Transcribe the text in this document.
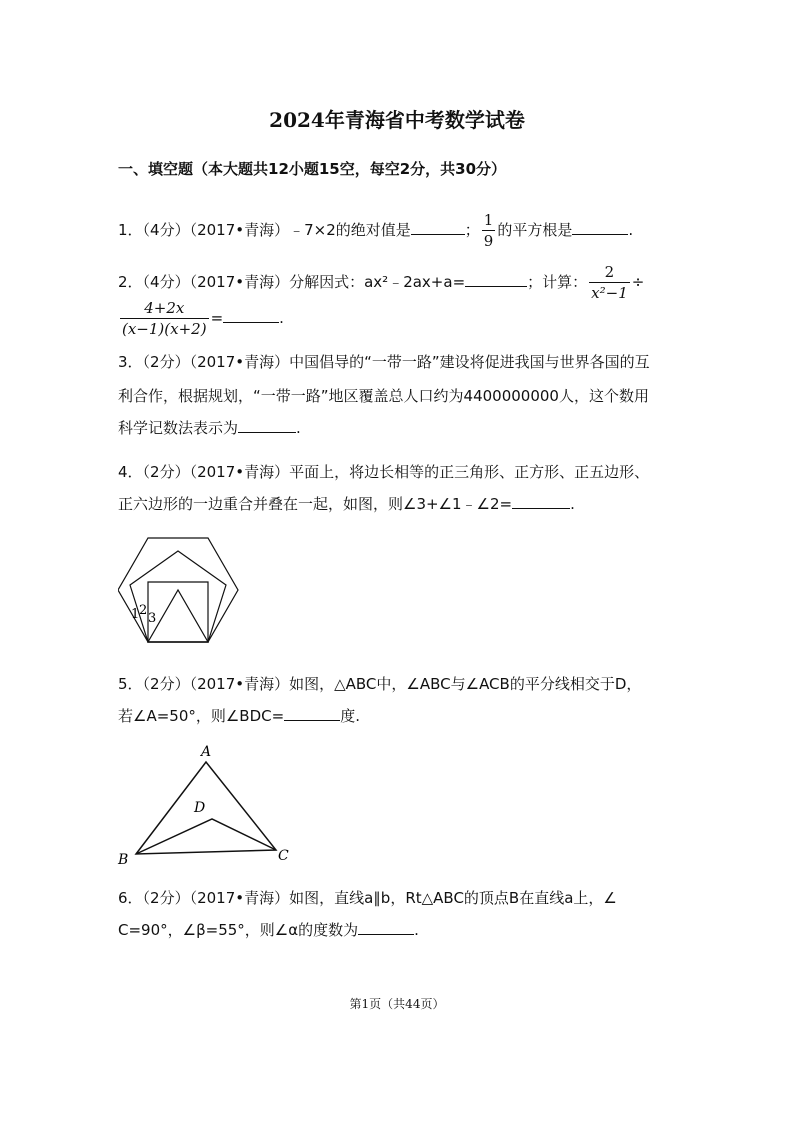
2024年青海省中考数学试卷
一、填空题（本大题共12小题15空，每空2分，共30分）
1．（4分）（2017•青海）﹣7×2的绝对值是	； $\frac{1}{9}$ 的平方根是	.
2．（4分）（2017•青海）分解因式：ax²﹣2ax+a=	；计算： $\frac{2}{\text{x²−1}}$ ÷
$\frac{4+2x}{(x-1)(x+2)}$ =	.
3．（2分）（2017•青海）中国倡导的“一带一路”建设将促进我国与世界各国的互
利合作，根据规划，“一带一路”地区覆盖总人口约为4400000000人，这个数用
科学记数法表示为	.
4．（2分）（2017•青海）平面上，将边长相等的正三角形、正方形、正五边形、
正六边形的一边重合并叠在一起，如图，则∠3+∠1﹣∠2=	.
1 2
3
5．（2分）（2017•青海）如图，△ABC中，∠ABC与∠ACB的平分线相交于D，
若∠A=50°，则∠BDC=	度.
A
B	C
D
6．（2分）（2017•青海）如图，直线a∥b，Rt△ABC的顶点B在直线a上，∠
C=90°，∠β=55°，则∠α的度数为	.
第1页（共44页）
